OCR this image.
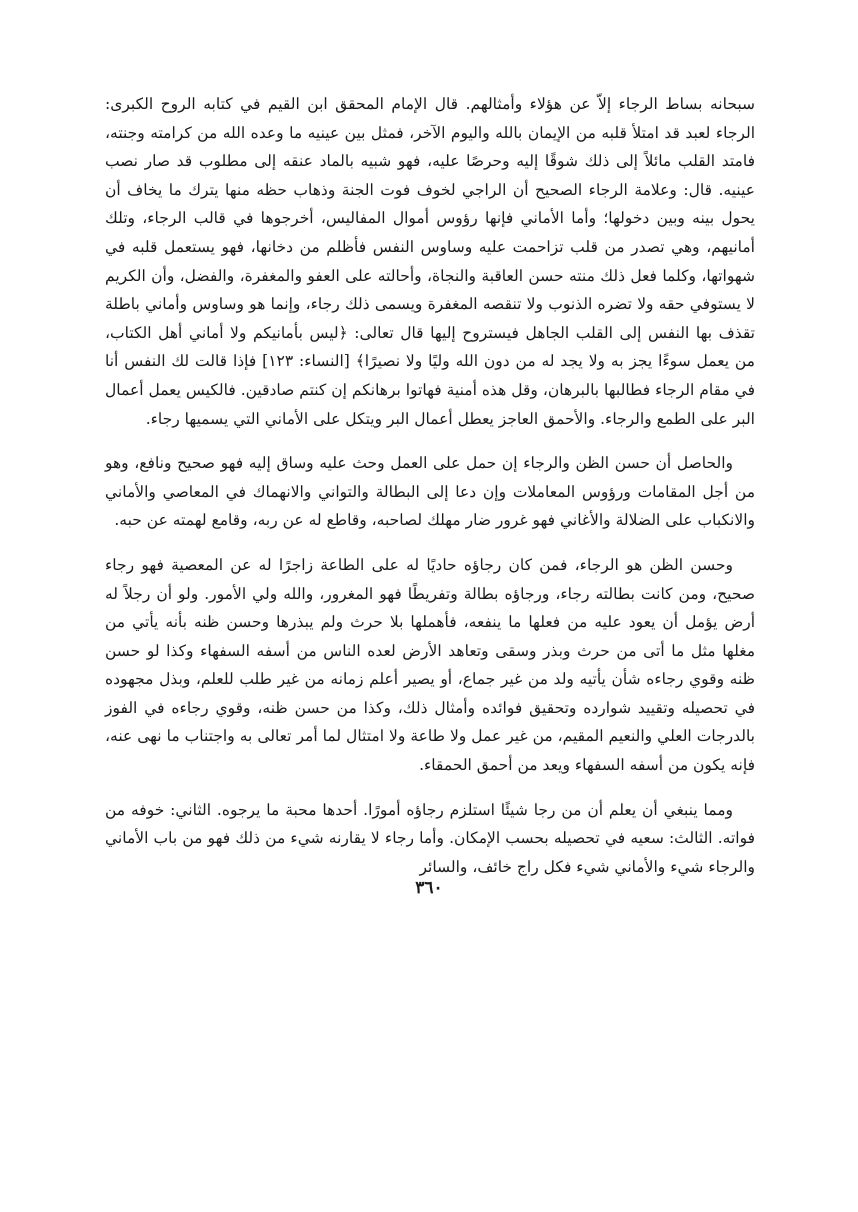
سبحانه بساط الرجاء إلاّ عن هؤلاء وأمثالهم. قال الإمام المحقق ابن القيم في كتابه الروح الكبرى: الرجاء لعبد قد امتلأ قلبه من الإيمان بالله واليوم الآخر، فمثل بين عينيه ما وعده الله من كرامته وجنته، فامتد القلب مائلاً إلى ذلك شوقًا إليه وحرصًا عليه، فهو شبيه بالماد عنقه إلى مطلوب قد صار نصب عينيه. قال: وعلامة الرجاء الصحيح أن الراجي لخوف فوت الجنة وذهاب حظه منها يترك ما يخاف أن يحول بينه وبين دخولها؛ وأما الأماني فإنها رؤوس أموال المفاليس، أخرجوها في قالب الرجاء، وتلك أمانيهم، وهي تصدر من قلب تزاحمت عليه وساوس النفس فأظلم من دخانها، فهو يستعمل قلبه في شهواتها، وكلما فعل ذلك منته حسن العاقبة والنجاة، وأحالته على العفو والمغفرة، والفضل، وأن الكريم لا يستوفي حقه ولا تضره الذنوب ولا تنقصه المغفرة ويسمى ذلك رجاء، وإنما هو وساوس وأماني باطلة تقذف بها النفس إلى القلب الجاهل فيستروح إليها قال تعالى: ﴿ليس بأمانيكم ولا أماني أهل الكتاب، من يعمل سوءًا يجز به ولا يجد له من دون الله وليًا ولا نصيرًا﴾ [النساء: ١٢٣] فإذا قالت لك النفس أنا في مقام الرجاء فطالبها بالبرهان، وقل هذه أمنية فهاتوا برهانكم إن كنتم صادقين. فالكيس يعمل أعمال البر على الطمع والرجاء. والأحمق العاجز يعطل أعمال البر ويتكل على الأماني التي يسميها رجاء.

والحاصل أن حسن الظن والرجاء إن حمل على العمل وحث عليه وساق إليه فهو صحيح ونافع، وهو من أجل المقامات ورؤوس المعاملات وإن دعا إلى البطالة والتواني والانهماك في المعاصي والأماني والانكباب على الضلالة والأغاني فهو غرور ضار مهلك لصاحبه، وقاطع له عن ربه، وقامع لهمته عن حبه.

وحسن الظن هو الرجاء، فمن كان رجاؤه حاديًا له على الطاعة زاجرًا له عن المعصية فهو رجاء صحيح، ومن كانت بطالته رجاء، ورجاؤه بطالة وتفريطًا فهو المغرور، والله ولي الأمور. ولو أن رجلاً له أرض يؤمل أن يعود عليه من فعلها ما ينفعه، فأهملها بلا حرث ولم يبذرها وحسن ظنه بأنه يأتي من مغلها مثل ما أتى من حرث وبذر وسقى وتعاهد الأرض لعده الناس من أسفه السفهاء وكذا لو حسن ظنه وقوي رجاءه شأن يأتيه ولد من غير جماع، أو يصير أعلم زمانه من غير طلب للعلم، وبذل مجهوده في تحصيله وتقييد شوارده وتحقيق فوائده وأمثال ذلك، وكذا من حسن ظنه، وقوي رجاءه في الفوز بالدرجات العلي والنعيم المقيم، من غير عمل ولا طاعة ولا امتثال لما أمر تعالى به واجتناب ما نهى عنه، فإنه يكون من أسفه السفهاء ويعد من أحمق الحمقاء.

ومما ينبغي أن يعلم أن من رجا شيئًا استلزم رجاؤه أمورًا. أحدها محبة ما يرجوه. الثاني: خوفه من فواته. الثالث: سعيه في تحصيله بحسب الإمكان. وأما رجاء لا يقارنه شيء من ذلك فهو من باب الأماني والرجاء شيء والأماني شيء فكل راج خائف، والسائر

٣٦٠
